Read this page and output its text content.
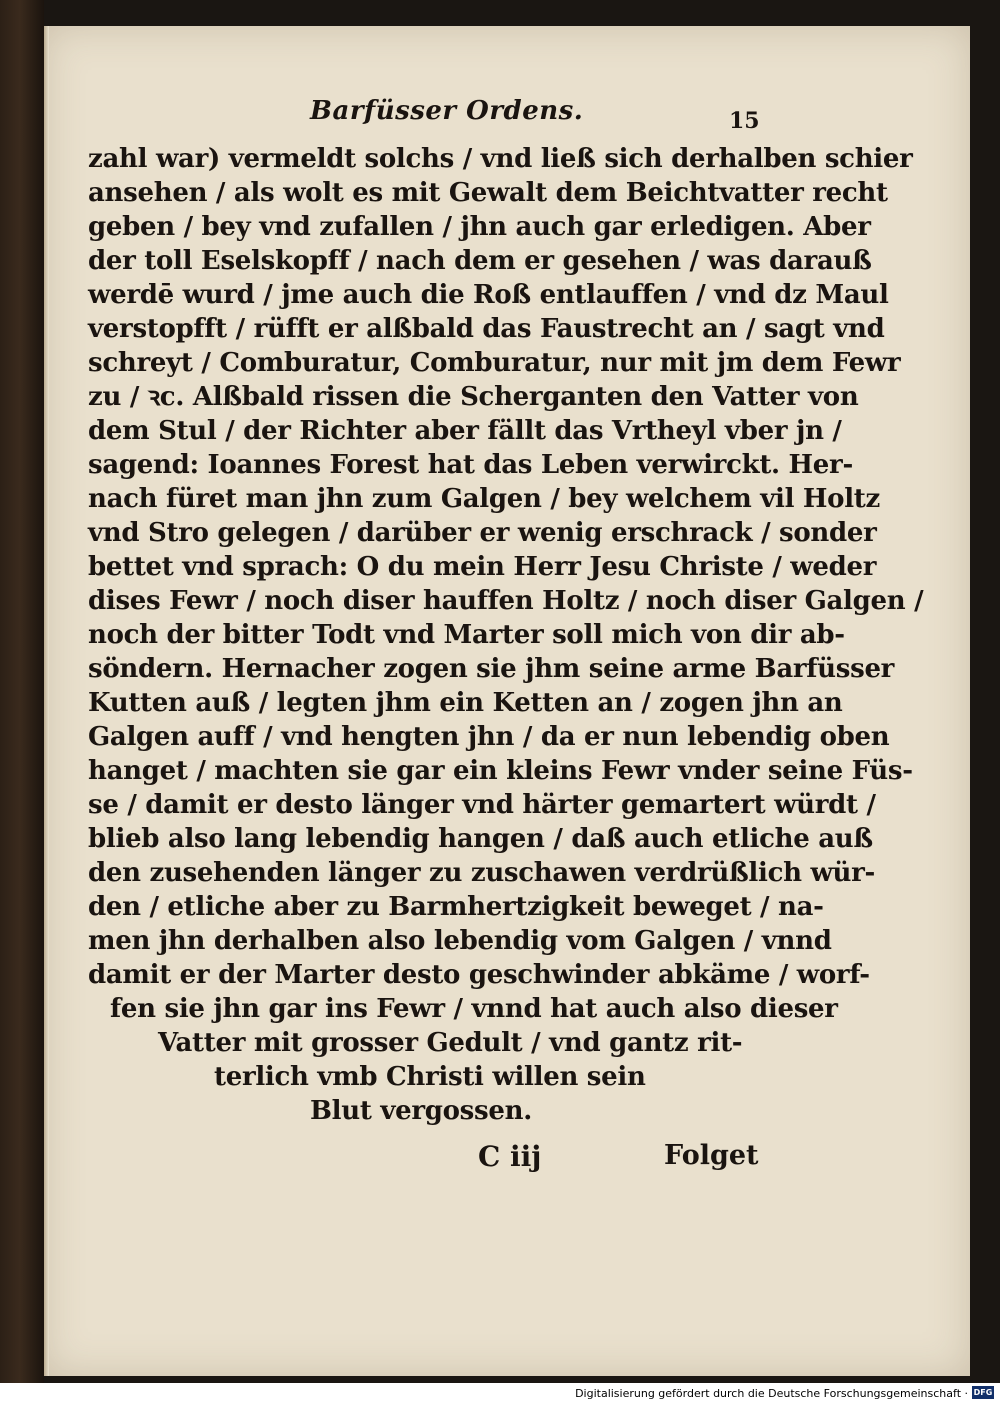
Barfüsser Ordens.	15
zahl war) vermeldt solchs / vnd ließ sich derhalben schier
ansehen / als wolt es mit Gewalt dem Beichtvatter recht
geben / bey vnd zufallen / jhn auch gar erledigen. Aber
der toll Eselskopff / nach dem er gesehen / was darauß
werdē wurd / jme auch die Roß entlauffen / vnd dz Maul
verstopfft / rüfft er alßbald das Faustrecht an / sagt vnd
schreyt / Comburatur, Comburatur, nur mit jm dem Fewr
zu / ꝛc. Alßbald rissen die Scherganten den Vatter von
dem Stul / der Richter aber fällt das Vrtheyl vber jn /
sagend: Ioannes Forest hat das Leben verwirckt. Her-
nach füret man jhn zum Galgen / bey welchem vil Holtz
vnd Stro gelegen / darüber er wenig erschrack / sonder
bettet vnd sprach: O du mein Herr Jesu Christe / weder
dises Fewr / noch diser hauffen Holtz / noch diser Galgen /
noch der bitter Todt vnd Marter soll mich von dir ab-
söndern. Hernacher zogen sie jhm seine arme Barfüsser
Kutten auß / legten jhm ein Ketten an / zogen jhn an
Galgen auff / vnd hengten jhn / da er nun lebendig oben
hanget / machten sie gar ein kleins Fewr vnder seine Füs-
se / damit er desto länger vnd härter gemartert würdt /
blieb also lang lebendig hangen / daß auch etliche auß
den zusehenden länger zu zuschawen verdrüßlich wür-
den / etliche aber zu Barmhertzigkeit beweget / na-
men jhn derhalben also lebendig vom Galgen / vnnd
damit er der Marter desto geschwinder abkäme / worf-
fen sie jhn gar ins Fewr / vnnd hat auch also dieser
Vatter mit grosser Gedult / vnd gantz rit-
terlich vmb Christi willen sein
Blut vergossen.
C iij	Folget
Digitalisierung gefördert durch die Deutsche Forschungsgemeinschaft · DFG
